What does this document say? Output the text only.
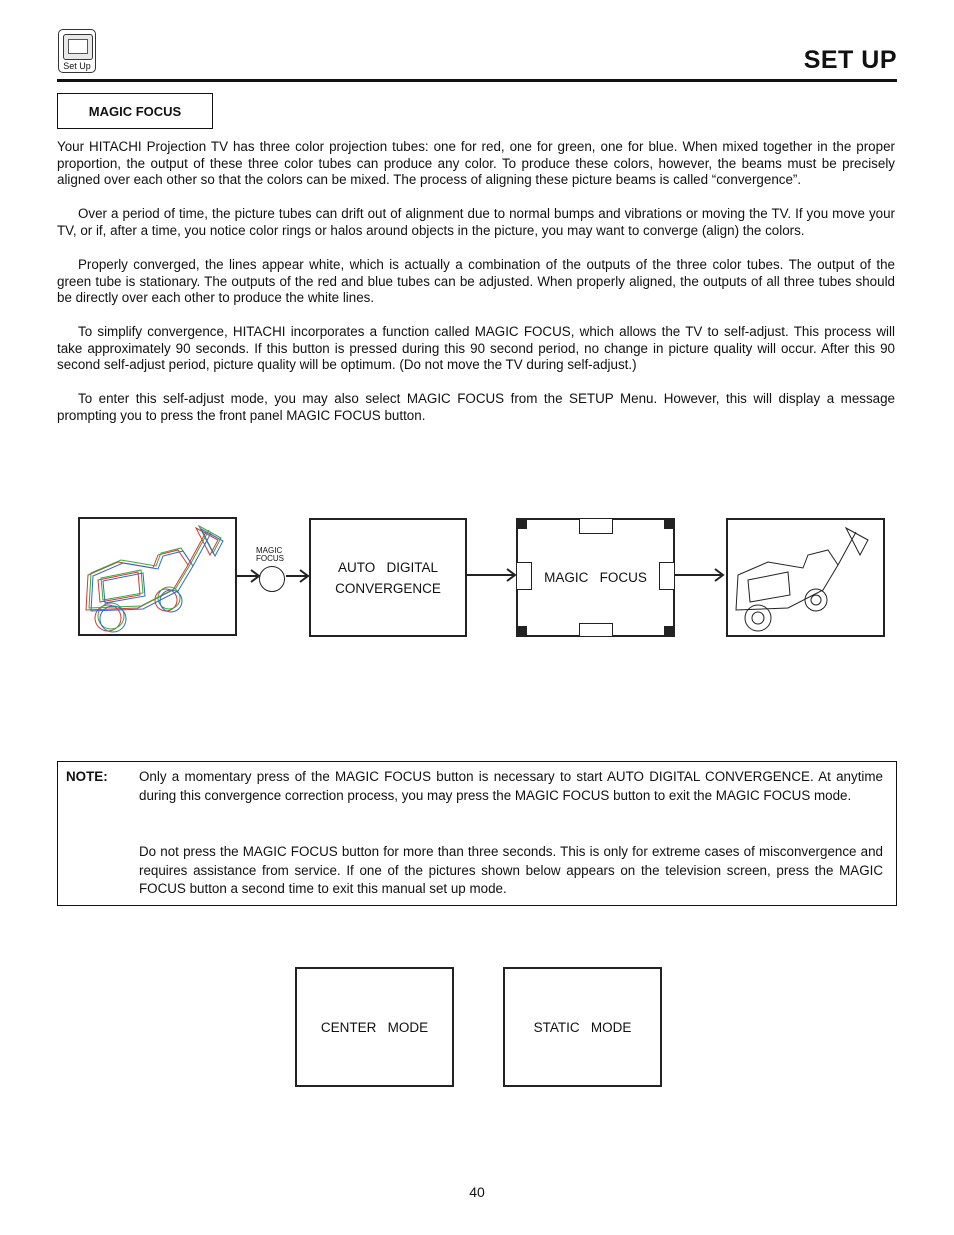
Set Up	SET UP
MAGIC FOCUS

Your HITACHI Projection TV has three color projection tubes: one for red, one for green, one for blue. When mixed together in the proper proportion, the output of these three color tubes can produce any color. To produce these colors, however, the beams must be precisely aligned over each other so that the colors can be mixed. The process of aligning these picture beams is called “convergence”.

Over a period of time, the picture tubes can drift out of alignment due to normal bumps and vibrations or moving the TV. If you move your TV, or if, after a time, you notice color rings or halos around objects in the picture, you may want to converge (align) the colors.

Properly converged, the lines appear white, which is actually a combination of the outputs of the three color tubes. The output of the green tube is stationary. The outputs of the red and blue tubes can be adjusted. When properly aligned, the outputs of all three tubes should be directly over each other to produce the white lines.

To simplify convergence, HITACHI incorporates a function called MAGIC FOCUS, which allows the TV to self-adjust. This process will take approximately 90 seconds. If this button is pressed during this 90 second period, no change in picture quality will occur. After this 90 second self-adjust period, picture quality will be optimum. (Do not move the TV during self-adjust.)

To enter this self-adjust mode, you may also select MAGIC FOCUS from the SETUP Menu. However, this will display a message prompting you to press the front panel MAGIC FOCUS button.

MAGIC
FOCUS
AUTO   DIGITAL
CONVERGENCE
MAGIC   FOCUS
NOTE: Only a momentary press of the MAGIC FOCUS button is necessary to start AUTO DIGITAL CONVERGENCE. At anytime during this convergence correction process, you may press the MAGIC FOCUS button to exit the MAGIC FOCUS mode.

Do not press the MAGIC FOCUS button for more than three seconds. This is only for extreme cases of misconvergence and requires assistance from service. If one of the pictures shown below appears on the television screen, press the MAGIC FOCUS button a second time to exit this manual set up mode.

CENTER   MODE	STATIC   MODE
40
